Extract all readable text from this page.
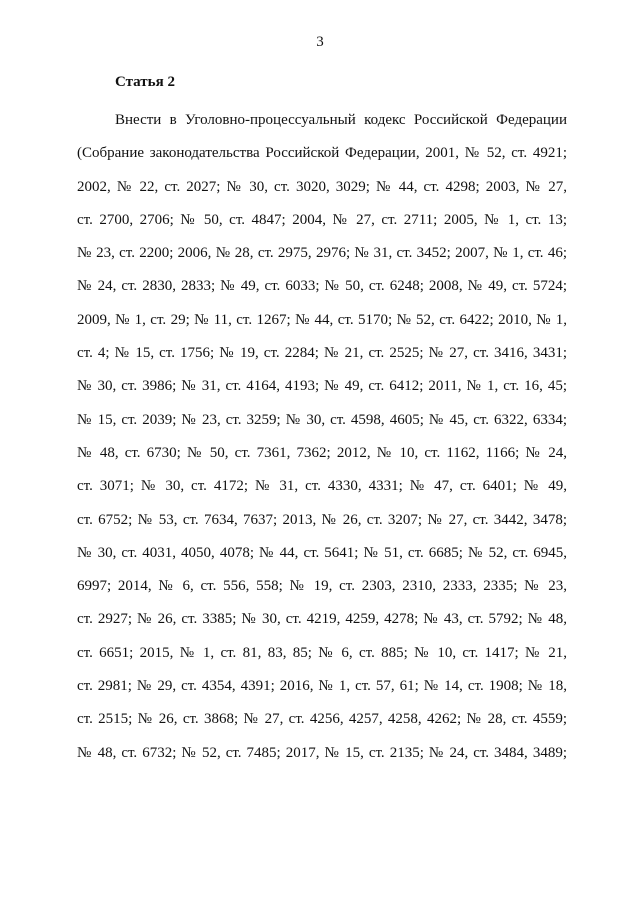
3
Статья 2
Внести в Уголовно-процессуальный кодекс Российской Федерации
(Собрание законодательства Российской Федерации, 2001, № 52, ст. 4921;
2002, № 22, ст. 2027; № 30, ст. 3020, 3029; № 44, ст. 4298; 2003, № 27,
ст. 2700, 2706; № 50, ст. 4847; 2004, № 27, ст. 2711; 2005, № 1, ст. 13;
№ 23, ст. 2200; 2006, № 28, ст. 2975, 2976; № 31, ст. 3452; 2007, № 1, ст. 46;
№ 24, ст. 2830, 2833; № 49, ст. 6033; № 50, ст. 6248; 2008, № 49, ст. 5724;
2009, № 1, ст. 29; № 11, ст. 1267; № 44, ст. 5170; № 52, ст. 6422; 2010, № 1,
ст. 4; № 15, ст. 1756; № 19, ст. 2284; № 21, ст. 2525; № 27, ст. 3416, 3431;
№ 30, ст. 3986; № 31, ст. 4164, 4193; № 49, ст. 6412; 2011, № 1, ст. 16, 45;
№ 15, ст. 2039; № 23, ст. 3259; № 30, ст. 4598, 4605; № 45, ст. 6322, 6334;
№ 48, ст. 6730; № 50, ст. 7361, 7362; 2012, № 10, ст. 1162, 1166; № 24,
ст. 3071; № 30, ст. 4172; № 31, ст. 4330, 4331; № 47, ст. 6401; № 49,
ст. 6752; № 53, ст. 7634, 7637; 2013, № 26, ст. 3207; № 27, ст. 3442, 3478;
№ 30, ст. 4031, 4050, 4078; № 44, ст. 5641; № 51, ст. 6685; № 52, ст. 6945,
6997; 2014, № 6, ст. 556, 558; № 19, ст. 2303, 2310, 2333, 2335; № 23,
ст. 2927; № 26, ст. 3385; № 30, ст. 4219, 4259, 4278; № 43, ст. 5792; № 48,
ст. 6651; 2015, № 1, ст. 81, 83, 85; № 6, ст. 885; № 10, ст. 1417; № 21,
ст. 2981; № 29, ст. 4354, 4391; 2016, № 1, ст. 57, 61; № 14, ст. 1908; № 18,
ст. 2515; № 26, ст. 3868; № 27, ст. 4256, 4257, 4258, 4262; № 28, ст. 4559;
№ 48, ст. 6732; № 52, ст. 7485; 2017, № 15, ст. 2135; № 24, ст. 3484, 3489;
